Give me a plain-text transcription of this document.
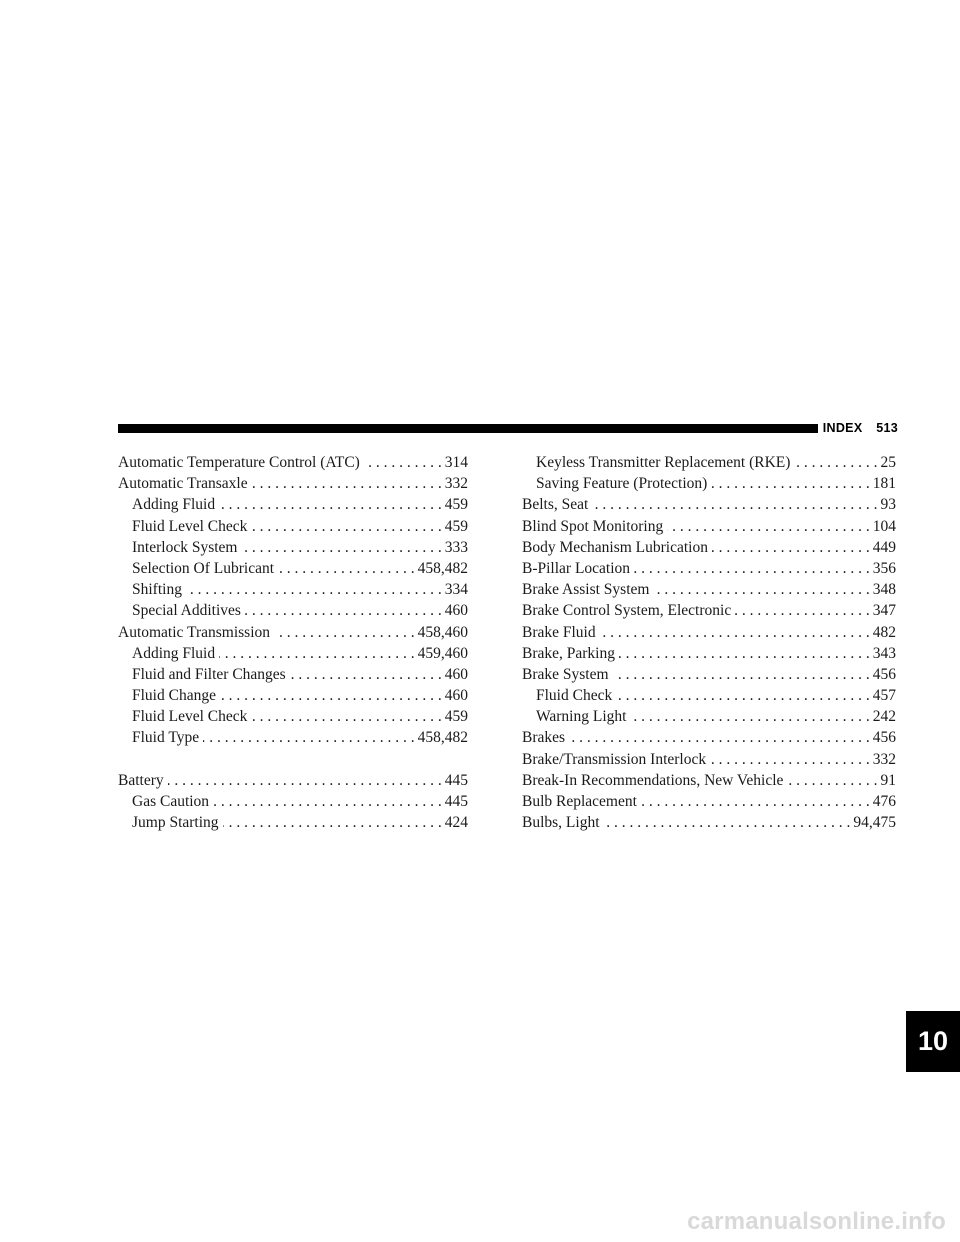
INDEX 513
Automatic Temperature Control (ATC) . . .	314
Automatic Transaxle . . .	332
Adding Fluid . . .	459
Fluid Level Check . . .	459
Interlock System . . .	333
Selection Of Lubricant . . .	458,482
Shifting . . .	334
Special Additives . . .	460
Automatic Transmission . . .	458,460
Adding Fluid . . .	459,460
Fluid and Filter Changes . . .	460
Fluid Change . . .	460
Fluid Level Check . . .	459
Fluid Type . . .	458,482
Battery . . .	445
Gas Caution . . .	445
Jump Starting . . .	424
Keyless Transmitter Replacement (RKE) . . .	25
Saving Feature (Protection) . . .	181
Belts, Seat . . .	93
Blind Spot Monitoring . . .	104
Body Mechanism Lubrication . . .	449
B-Pillar Location . . .	356
Brake Assist System . . .	348
Brake Control System, Electronic . . .	347
Brake Fluid . . .	482
Brake, Parking . . .	343
Brake System . . .	456
Fluid Check . . .	457
Warning Light . . .	242
Brakes . . .	456
Brake/Transmission Interlock . . .	332
Break-In Recommendations, New Vehicle . . .	91
Bulb Replacement . . .	476
Bulbs, Light . . .	94,475
10
carmanualsonline.info
